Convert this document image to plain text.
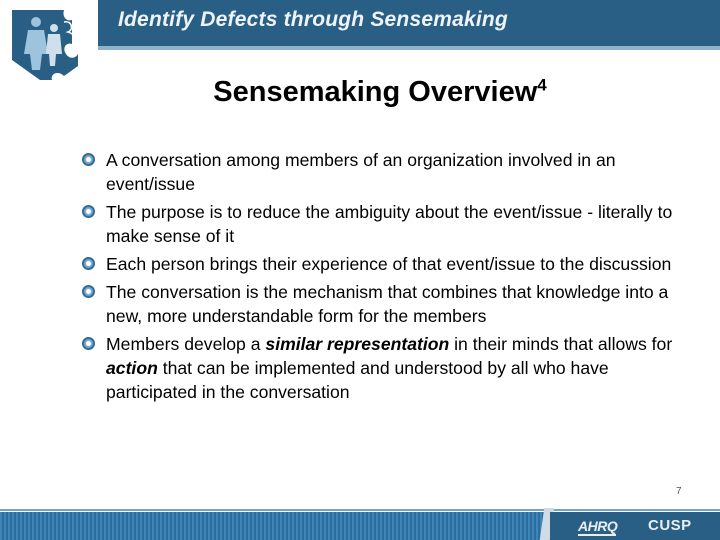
Identify Defects through Sensemaking
Sensemaking Overview$^4$
A conversation among members of an organization involved in an event/issue
The purpose is to reduce the ambiguity about the event/issue - literally to make sense of it
Each person brings their experience of that event/issue to the discussion
The conversation is the mechanism that combines that knowledge into a new, more understandable form for the members
Members develop a similar representation in their minds that allows for action that can be implemented and understood by all who have participated in the conversation
7
AHRQ CUSP
